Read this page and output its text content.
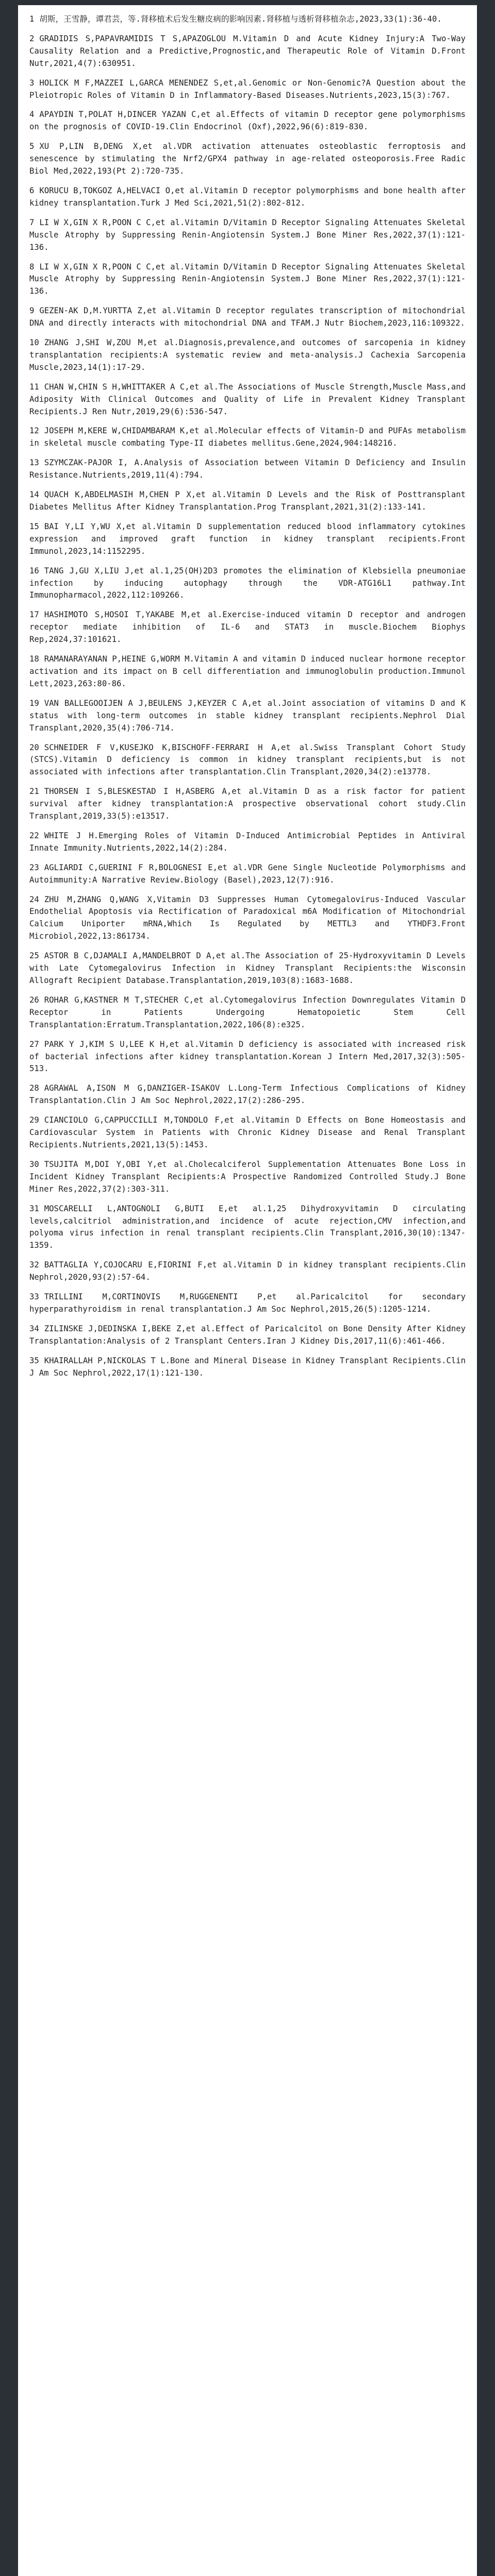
1 胡斯，王雪静，谭君芸，等.肾移植术后发生糖皮病的影响因素.肾移植与透析肾移植杂志,2023,33(1):36-40.
2 GRADIDIS S,PAPAVRAMIDIS T S,APAZOGLOU M.Vitamin D and Acute Kidney Injury:A Two-Way Causality Relation and a Predictive,Prognostic,and Therapeutic Role of Vitamin D.Front Nutr,2021,4(7):630951.
3 HOLICK M F,MAZZEI L,GARCA MENENDEZ S,et,al.Genomic or Non-Genomic?A Question about the Pleiotropic Roles of Vitamin D in Inflammatory-Based Diseases.Nutrients,2023,15(3):767.
4 APAYDIN T,POLAT H,DINCER YAZAN C,et al.Effects of vitamin D receptor gene polymorphisms on the prognosis of COVID-19.Clin Endocrinol (Oxf),2022,96(6):819-830.
5 XU P,LIN B,DENG X,et al.VDR activation attenuates osteoblastic ferroptosis and senescence by stimulating the Nrf2/GPX4 pathway in age-related osteoporosis.Free Radic Biol Med,2022,193(Pt 2):720-735.
6 KORUCU B,TOKGOZ A,HELVACI O,et al.Vitamin D receptor polymorphisms and bone health after kidney transplantation.Turk J Med Sci,2021,51(2):802-812.
7 LI W X,GIN X R,POON C C,et al.Vitamin D/Vitamin D Receptor Signaling Attenuates Skeletal Muscle Atrophy by Suppressing Renin-Angiotensin System.J Bone Miner Res,2022,37(1):121-136.
8 LI W X,GIN X R,POON C C,et al.Vitamin D/Vitamin D Receptor Signaling Attenuates Skeletal Muscle Atrophy by Suppressing Renin-Angiotensin System.J Bone Miner Res,2022,37(1):121-136.
9 GEZEN-AK D,M.YURTTA Z,et al.Vitamin D receptor regulates transcription of mitochondrial DNA and directly interacts with mitochondrial DNA and TFAM.J Nutr Biochem,2023,116:109322.
10 ZHANG J,SHI W,ZOU M,et al.Diagnosis,prevalence,and outcomes of sarcopenia in kidney transplantation recipients:A systematic review and meta-analysis.J Cachexia Sarcopenia Muscle,2023,14(1):17-29.
11 CHAN W,CHIN S H,WHITTAKER A C,et al.The Associations of Muscle Strength,Muscle Mass,and Adiposity With Clinical Outcomes and Quality of Life in Prevalent Kidney Transplant Recipients.J Ren Nutr,2019,29(6):536-547.
12 JOSEPH M,KERE W,CHIDAMBARAM K,et al.Molecular effects of Vitamin-D and PUFAs metabolism in skeletal muscle combating Type-II diabetes mellitus.Gene,2024,904:148216.
13 SZYMCZAK-PAJOR I, A.Analysis of Association between Vitamin D Deficiency and Insulin Resistance.Nutrients,2019,11(4):794.
14 QUACH K,ABDELMASIH M,CHEN P X,et al.Vitamin D Levels and the Risk of Posttransplant Diabetes Mellitus After Kidney Transplantation.Prog Transplant,2021,31(2):133-141.
15 BAI Y,LI Y,WU X,et al.Vitamin D supplementation reduced blood inflammatory cytokines expression and improved graft function in kidney transplant recipients.Front Immunol,2023,14:1152295.
16 TANG J,GU X,LIU J,et al.1,25(OH)2D3 promotes the elimination of Klebsiella pneumoniae infection by inducing autophagy through the VDR-ATG16L1 pathway.Int Immunopharmacol,2022,112:109266.
17 HASHIMOTO S,HOSOI T,YAKABE M,et al.Exercise-induced vitamin D receptor and androgen receptor mediate inhibition of IL-6 and STAT3 in muscle.Biochem Biophys Rep,2024,37:101621.
18 RAMANARAYANAN P,HEINE G,WORM M.Vitamin A and vitamin D induced nuclear hormone receptor activation and its impact on B cell differentiation and immunoglobulin production.Immunol Lett,2023,263:80-86.
19 VAN BALLEGOOIJEN A J,BEULENS J,KEYZER C A,et al.Joint association of vitamins D and K status with long-term outcomes in stable kidney transplant recipients.Nephrol Dial Transplant,2020,35(4):706-714.
20 SCHNEIDER F V,KUSEJKO K,BISCHOFF-FERRARI H A,et al.Swiss Transplant Cohort Study (STCS).Vitamin D deficiency is common in kidney transplant recipients,but is not associated with infections after transplantation.Clin Transplant,2020,34(2):e13778.
21 THORSEN I S,BLESKESTAD I H,ASBERG A,et al.Vitamin D as a risk factor for patient survival after kidney transplantation:A prospective observational cohort study.Clin Transplant,2019,33(5):e13517.
22 WHITE J H.Emerging Roles of Vitamin D-Induced Antimicrobial Peptides in Antiviral Innate Immunity.Nutrients,2022,14(2):284.
23 AGLIARDI C,GUERINI F R,BOLOGNESI E,et al.VDR Gene Single Nucleotide Polymorphisms and Autoimmunity:A Narrative Review.Biology (Basel),2023,12(7):916.
24 ZHU M,ZHANG Q,WANG X,Vitamin D3 Suppresses Human Cytomegalovirus-Induced Vascular Endothelial Apoptosis via Rectification of Paradoxical m6A Modification of Mitochondrial Calcium Uniporter mRNA,Which Is Regulated by METTL3 and YTHDF3.Front Microbiol,2022,13:861734.
25 ASTOR B C,DJAMALI A,MANDELBROT D A,et al.The Association of 25-Hydroxyvitamin D Levels with Late Cytomegalovirus Infection in Kidney Transplant Recipients:the Wisconsin Allograft Recipient Database.Transplantation,2019,103(8):1683-1688.
26 ROHAR G,KASTNER M T,STECHER C,et al.Cytomegalovirus Infection Downregulates Vitamin D Receptor in Patients Undergoing Hematopoietic Stem Cell Transplantation:Erratum.Transplantation,2022,106(8):e325.
27 PARK Y J,KIM S U,LEE K H,et al.Vitamin D deficiency is associated with increased risk of bacterial infections after kidney transplantation.Korean J Intern Med,2017,32(3):505-513.
28 AGRAWAL A,ISON M G,DANZIGER-ISAKOV L.Long-Term Infectious Complications of Kidney Transplantation.Clin J Am Soc Nephrol,2022,17(2):286-295.
29 CIANCIOLO G,CAPPUCCILLI M,TONDOLO F,et al.Vitamin D Effects on Bone Homeostasis and Cardiovascular System in Patients with Chronic Kidney Disease and Renal Transplant Recipients.Nutrients,2021,13(5):1453.
30 TSUJITA M,DOI Y,OBI Y,et al.Cholecalciferol Supplementation Attenuates Bone Loss in Incident Kidney Transplant Recipients:A Prospective Randomized Controlled Study.J Bone Miner Res,2022,37(2):303-311.
31 MOSCARELLI L,ANTOGNOLI G,BUTI E,et al.1,25 Dihydroxyvitamin D circulating levels,calcitriol administration,and incidence of acute rejection,CMV infection,and polyoma virus infection in renal transplant recipients.Clin Transplant,2016,30(10):1347-1359.
32 BATTAGLIA Y,COJOCARU E,FIORINI F,et al.Vitamin D in kidney transplant recipients.Clin Nephrol,2020,93(2):57-64.
33 TRILLINI M,CORTINOVIS M,RUGGENENTI P,et al.Paricalcitol for secondary hyperparathyroidism in renal transplantation.J Am Soc Nephrol,2015,26(5):1205-1214.
34 ZILINSKE J,DEDINSKA I,BEKE Z,et al.Effect of Paricalcitol on Bone Density After Kidney Transplantation:Analysis of 2 Transplant Centers.Iran J Kidney Dis,2017,11(6):461-466.
35 KHAIRALLAH P,NICKOLAS T L.Bone and Mineral Disease in Kidney Transplant Recipients.Clin J Am Soc Nephrol,2022,17(1):121-130.
